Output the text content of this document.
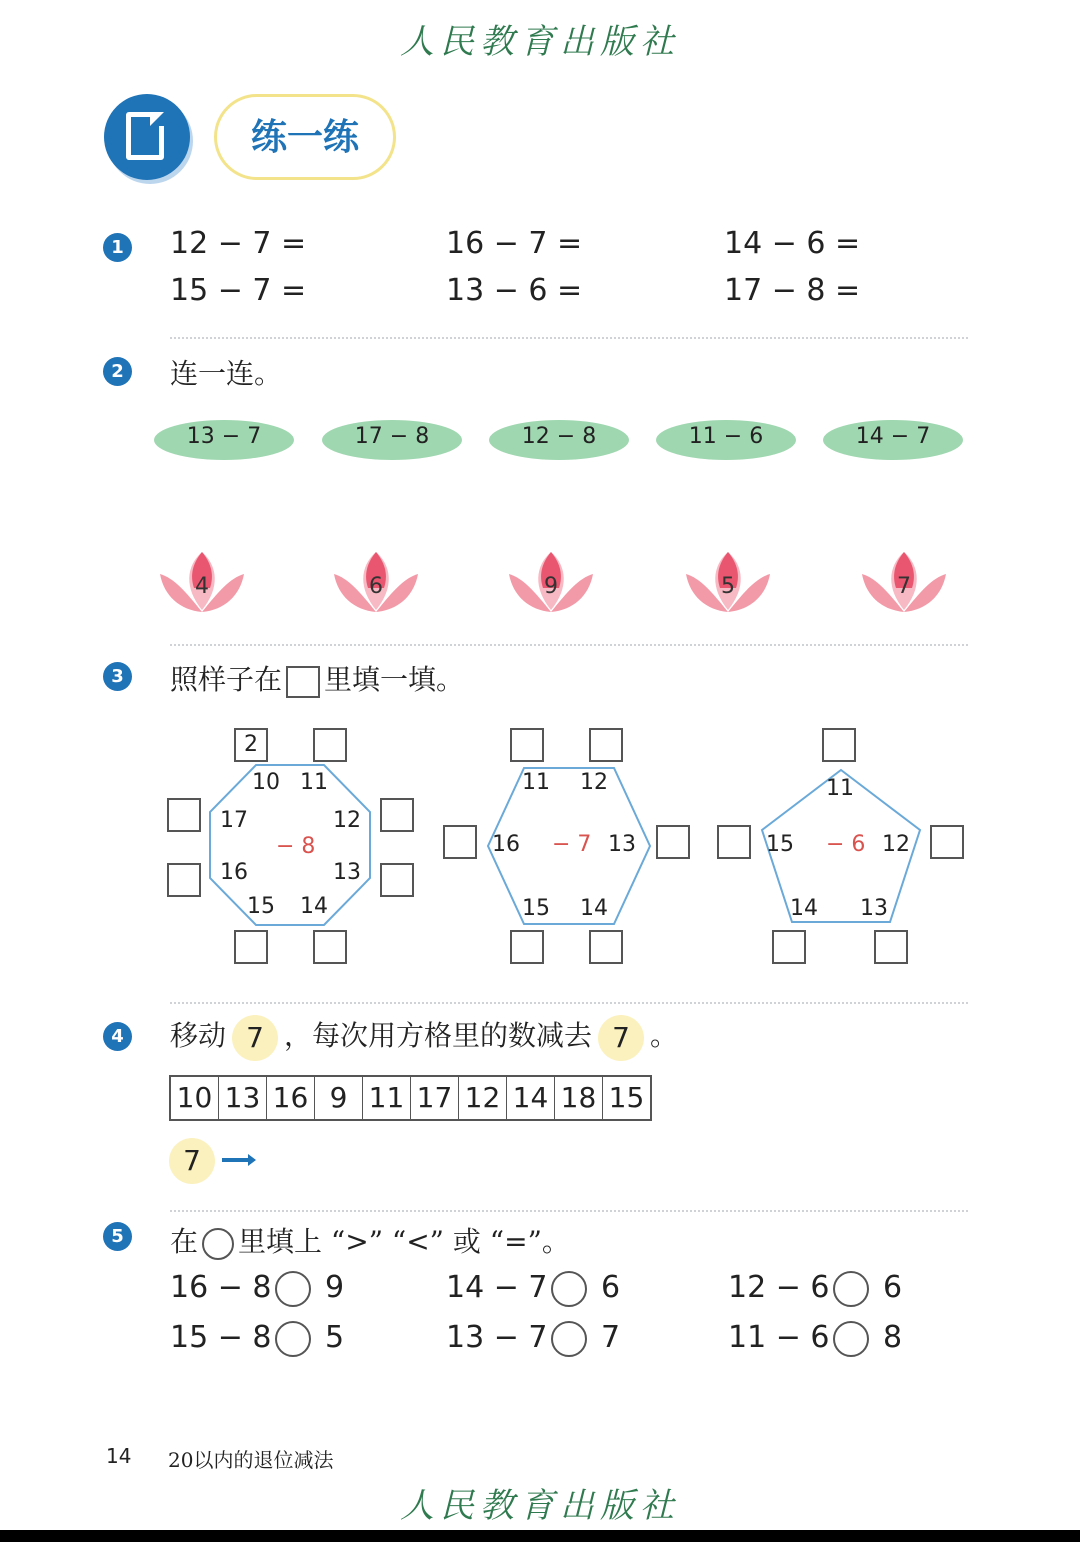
人民教育出版社
练一练
1 12 − 7 =	16 − 7 =	14 − 6 =
15 − 7 =	13 − 6 =	17 − 8 =
2 连一连。
13 − 7	17 − 8	12 − 8	11 − 6	14 − 7
4	6	9	5	7
3 照样子在 里填一填。
10 11
12
13
14
15
16
17
− 8
2
11 12
13
14
15
16 − 7
11
12
13
14
15 − 6
4 移动 7 ，每次用方格里的数减去 7 。
10 13 16 9 11 17 12 14 18 15
7
5 在 里填上 “>” “<” 或 “=”。
16 − 8 9	14 − 7 6	12 − 6 6
15 − 8 5	13 − 7 7	11 − 6 8
14 20以内的退位减法
人民教育出版社
